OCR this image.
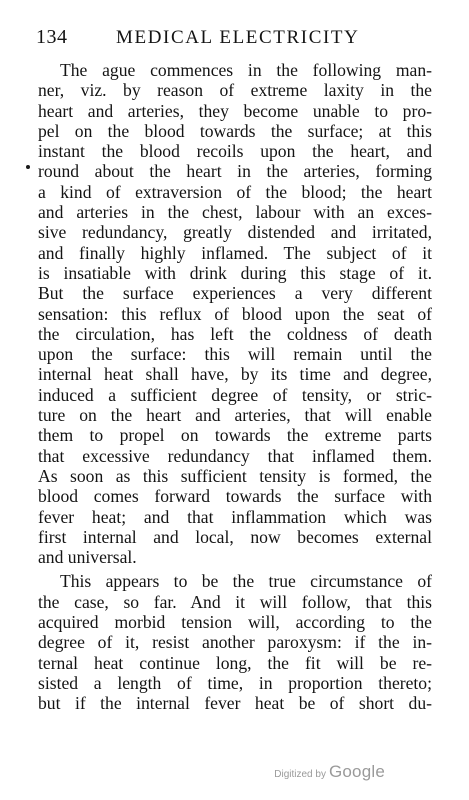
134	MEDICAL ELECTRICITY
The ague commences in the following man-
ner, viz. by reason of extreme laxity in the
heart and arteries, they become unable to pro-
pel on the blood towards the surface; at this
instant the blood recoils upon the heart, and
round about the heart in the arteries, forming
a kind of extraversion of the blood; the heart
and arteries in the chest, labour with an exces-
sive redundancy, greatly distended and irritated,
and finally highly inflamed. The subject of it
is insatiable with drink during this stage of it.
But the surface experiences a very different
sensation: this reflux of blood upon the seat of
the circulation, has left the coldness of death
upon the surface: this will remain until the
internal heat shall have, by its time and degree,
induced a sufficient degree of tensity, or stric-
ture on the heart and arteries, that will enable
them to propel on towards the extreme parts
that excessive redundancy that inflamed them.
As soon as this sufficient tensity is formed, the
blood comes forward towards the surface with
fever heat; and that inflammation which was
first internal and local, now becomes external
and universal.
This appears to be the true circumstance of
the case, so far. And it will follow, that this
acquired morbid tension will, according to the
degree of it, resist another paroxysm: if the in-
ternal heat continue long, the fit will be re-
sisted a length of time, in proportion thereto;
but if the internal fever heat be of short du-
Digitized by Google
